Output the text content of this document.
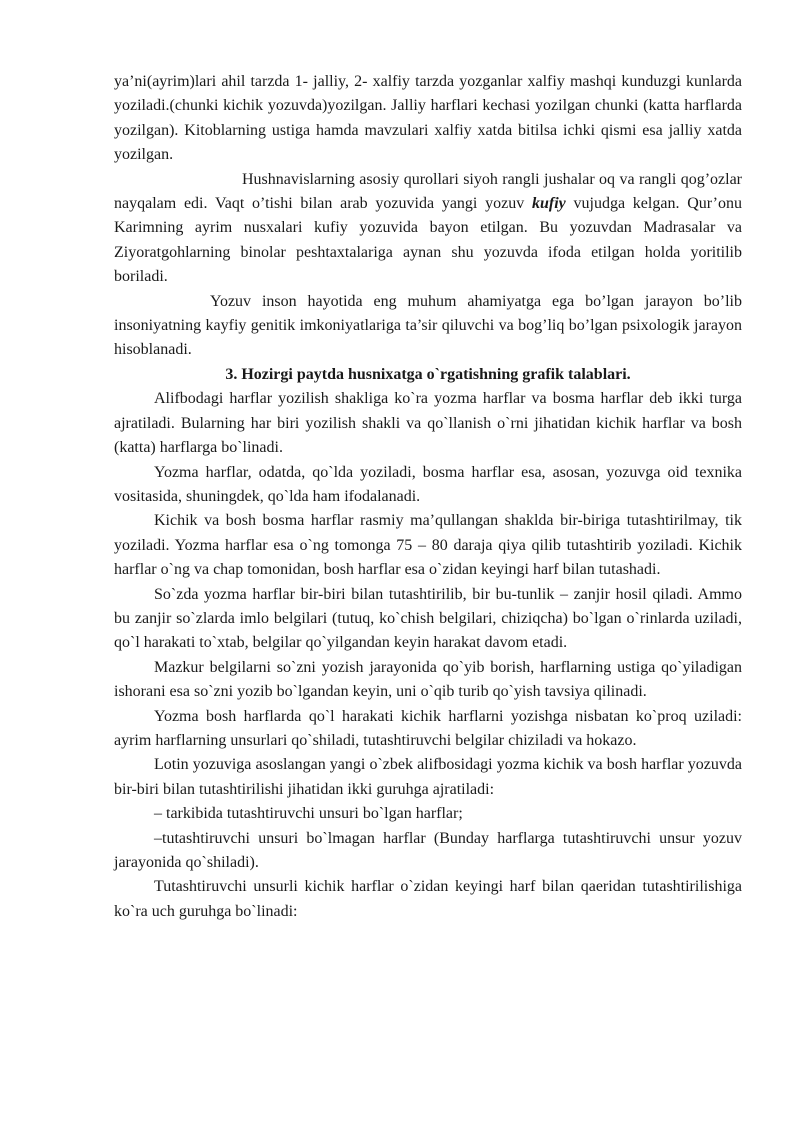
ya’ni(ayrim)lari ahil tarzda 1- jalliy, 2- xalfiy tarzda yozganlar xalfiy mashqi kunduzgi kunlarda yoziladi.(chunki kichik yozuvda)yozilgan. Jalliy harflari kechasi yozilgan chunki (katta harflarda yozilgan). Kitoblarning ustiga hamda mavzulari xalfiy xatda bitilsa ichki qismi esa jalliy xatda yozilgan.

Hushnavislarning asosiy qurollari siyoh rangli jushalar oq va rangli qog’ozlar nayqalam edi. Vaqt o’tishi bilan arab yozuvida yangi yozuv kufiy vujudga kelgan. Qur’onu Karimning ayrim nusxalari kufiy yozuvida bayon etilgan. Bu yozuvdan Madrasalar va Ziyoratgohlarning binolar peshtaxtalariga aynan shu yozuvda ifoda etilgan holda yoritilib boriladi.

Yozuv inson hayotida eng muhum ahamiyatga ega bo’lgan jarayon bo’lib insoniyatning kayfiy genitik imkoniyatlariga ta’sir qiluvchi va bog’liq bo’lgan psixologik jarayon hisoblanadi.

3. Hozirgi paytda husnixatga o`rgatishning grafik talablari.

Alifbodagi harflar yozilish shakliga ko`ra yozma harflar va bosma harflar deb ikki turga ajratiladi. Bularning har biri yozilish shakli va qo`llanish o`rni jihatidan kichik harflar va bosh (katta) harflarga bo`linadi.

Yozma harflar, odatda, qo`lda yoziladi, bosma harflar esa, asosan, yozuvga oid texnika vositasida, shuningdek, qo`lda ham ifodalanadi.

Kichik va bosh bosma harflar rasmiy ma’qullangan shaklda bir-biriga tutashtirilmay, tik yoziladi. Yozma harflar esa o`ng tomonga 75 – 80 daraja qiya qilib tutashtirib yoziladi. Kichik harflar o`ng va chap tomonidan, bosh harflar esa o`zidan keyingi harf bilan tutashadi.

So`zda yozma harflar bir-biri bilan tutashtirilib, bir bu-tunlik – zanjir hosil qiladi. Ammo bu zanjir so`zlarda imlo belgilari (tutuq, ko`chish belgilari, chiziqcha) bo`lgan o`rinlarda uziladi, qo`l harakati to`xtab, belgilar qo`yilgandan keyin harakat davom etadi.

Mazkur belgilarni so`zni yozish jarayonida qo`yib borish, harflarning ustiga qo`yiladigan ishorani esa so`zni yozib bo`lgandan keyin, uni o`qib turib qo`yish tavsiya qilinadi.

Yozma bosh harflarda qo`l harakati kichik harflarni yozishga nisbatan ko`proq uziladi: ayrim harflarning unsurlari qo`shiladi, tutashtiruvchi belgilar chiziladi va hokazo.

Lotin yozuviga asoslangan yangi o`zbek alifbosidagi yozma kichik va bosh harflar yozuvda bir-biri bilan tutashtirilishi jihatidan ikki guruhga ajratiladi:

– tarkibida tutashtiruvchi unsuri bo`lgan harflar;

–tutashtiruvchi unsuri bo`lmagan harflar (Bunday harflarga tutashtiruvchi unsur yozuv jarayonida qo`shiladi).

Tutashtiruvchi unsurli kichik harflar o`zidan keyingi harf bilan qaeridan tutashtirilishiga ko`ra uch guruhga bo`linadi:
